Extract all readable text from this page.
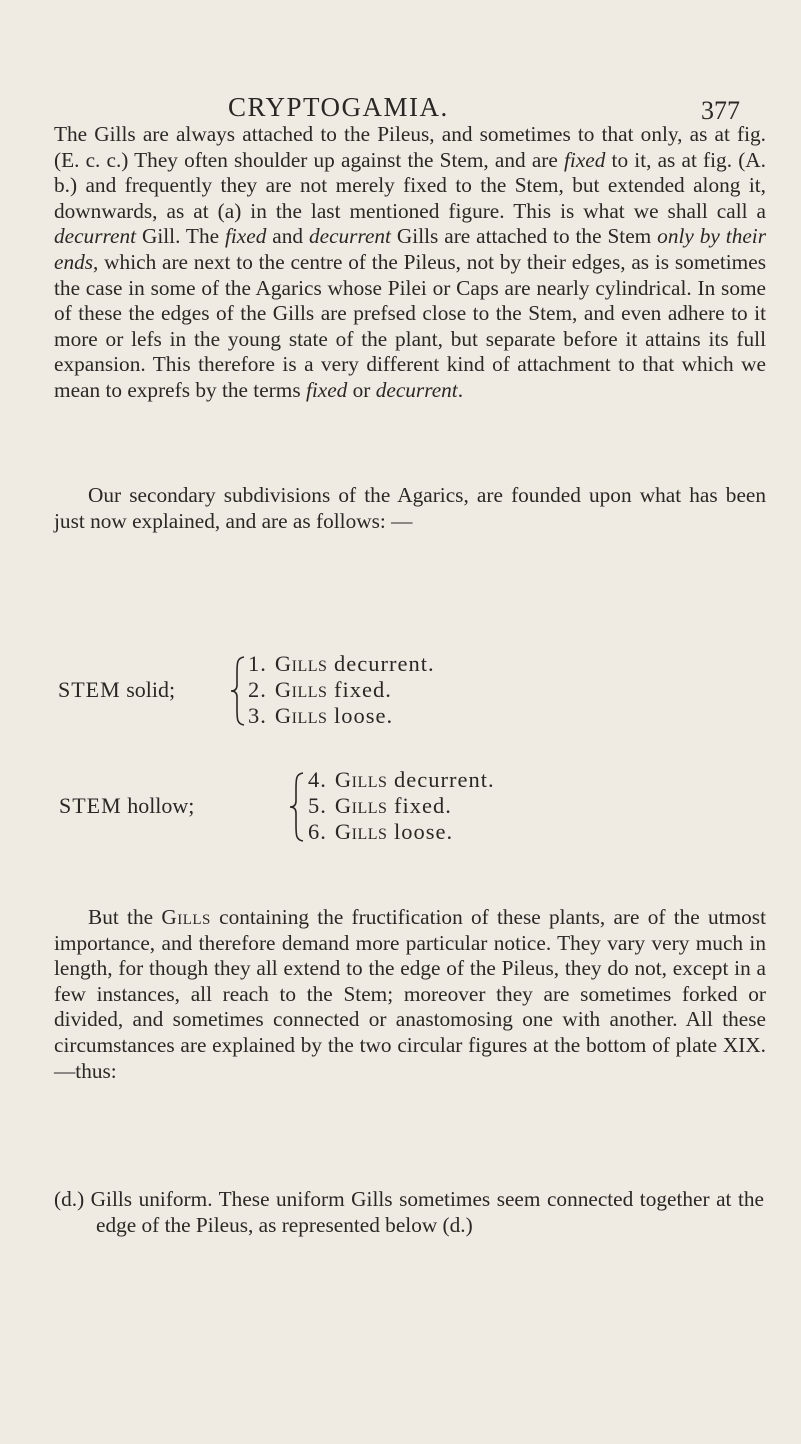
CRYPTOGAMIA.	377

The Gills are always attached to the Pileus, and sometimes to that only, as at fig. (E. c. c.) They often shoulder up against the Stem, and are fixed to it, as at fig. (A. b.) and frequently they are not merely fixed to the Stem, but extended along it, downwards, as at (a) in the last mentioned figure. This is what we shall call a decurrent Gill. The fixed and decurrent Gills are attached to the Stem only by their ends, which are next to the centre of the Pileus, not by their edges, as is sometimes the case in some of the Agarics whose Pilei or Caps are nearly cylindrical. In some of these the edges of the Gills are prefsed close to the Stem, and even adhere to it more or lefs in the young state of the plant, but separate before it attains its full expansion. This therefore is a very different kind of attachment to that which we mean to exprefs by the terms fixed or decurrent.

Our secondary subdivisions of the Agarics, are founded upon what has been just now explained, and are as follows: —

STEM solid;
1. Gills decurrent.
2. Gills fixed.
3. Gills loose.
STEM hollow;
4. Gills decurrent.
5. Gills fixed.
6. Gills loose.

But the Gills containing the fructification of these plants, are of the utmost importance, and therefore demand more particular notice. They vary very much in length, for though they all extend to the edge of the Pileus, they do not, except in a few instances, all reach to the Stem; moreover they are sometimes forked or divided, and sometimes connected or anastomosing one with another. All these circumstances are explained by the two circular figures at the bottom of plate XIX.—thus:

(d.) Gills uniform. These uniform Gills sometimes seem connected together at the edge of the Pileus, as represented below (d.)
